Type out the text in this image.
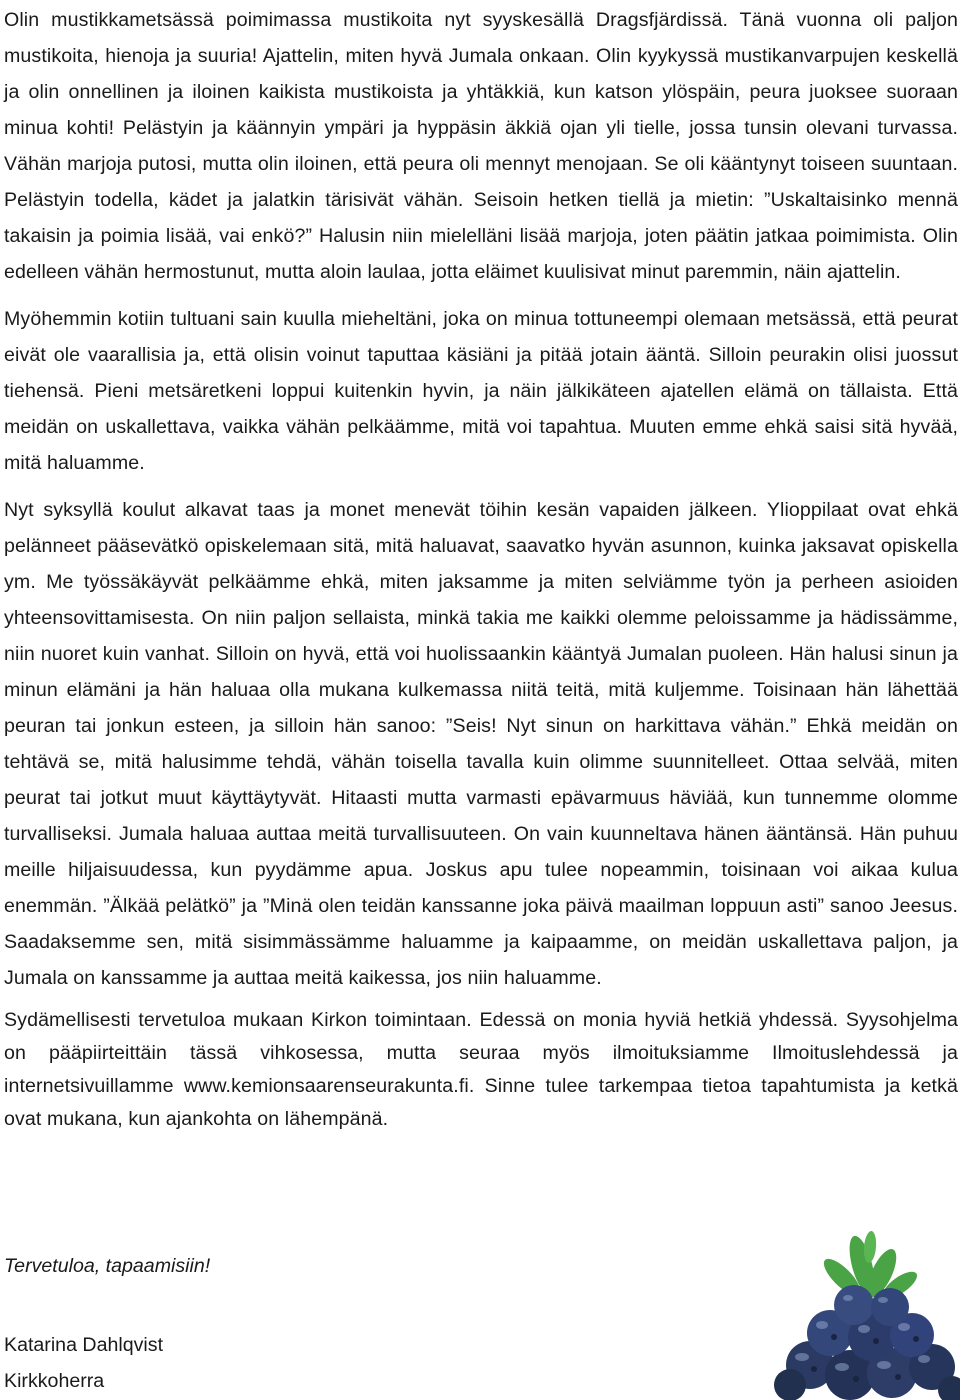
Olin mustikkametsässä poimimassa mustikoita nyt syyskesällä Dragsfjärdissä. Tänä vuonna oli paljon mustikoita, hienoja ja suuria! Ajattelin, miten hyvä Jumala onkaan. Olin kyykyssä mustikanvarpujen keskellä ja olin onnellinen ja iloinen kaikista mustikoista ja yhtäkkiä, kun katson ylöspäin, peura juoksee suoraan minua kohti! Pelästyin ja käännyin ympäri ja hyppäsin äkkiä ojan yli tielle, jossa tunsin olevani turvassa. Vähän marjoja putosi, mutta olin iloinen, että peura oli mennyt menojaan. Se oli kääntynyt toiseen suuntaan. Pelästyin todella, kädet ja jalatkin tärisivät vähän. Seisoin hetken tiellä ja mietin: ”Uskaltaisinko mennä takaisin ja poimia lisää, vai enkö?” Halusin niin mielelläni lisää marjoja, joten päätin jatkaa poimimista. Olin edelleen vähän hermostunut, mutta aloin laulaa, jotta eläimet kuulisivat minut paremmin, näin ajattelin.

Myöhemmin kotiin tultuani sain kuulla mieheltäni, joka on minua tottuneempi olemaan metsässä, että peurat eivät ole vaarallisia ja, että olisin voinut taputtaa käsiäni ja pitää jotain ääntä. Silloin peurakin olisi juossut tiehensä. Pieni metsäretkeni loppui kuitenkin hyvin, ja näin jälkikäteen ajatellen elämä on tällaista. Että meidän on uskallettava, vaikka vähän pelkäämme, mitä voi tapahtua. Muuten emme ehkä saisi sitä hyvää, mitä haluamme.

Nyt syksyllä koulut alkavat taas ja monet menevät töihin kesän vapaiden jälkeen. Ylioppilaat ovat ehkä pelänneet pääsevätkö opiskelemaan sitä, mitä haluavat, saavatko hyvän asunnon, kuinka jaksavat opiskella ym. Me työssäkäyvät pelkäämme ehkä, miten jaksamme ja miten selviämme työn ja perheen asioiden yhteensovittamisesta. On niin paljon sellaista, minkä takia me kaikki olemme peloissamme ja hädissämme, niin nuoret kuin vanhat. Silloin on hyvä, että voi huolissaankin kääntyä Jumalan puoleen. Hän halusi sinun ja minun elämäni ja hän haluaa olla mukana kulkemassa niitä teitä, mitä kuljemme. Toisinaan hän lähettää peuran tai jonkun esteen, ja silloin hän sanoo: ”Seis! Nyt sinun on harkittava vähän.” Ehkä meidän on tehtävä se, mitä halusimme tehdä, vähän toisella tavalla kuin olimme suunnitelleet. Ottaa selvää, miten peurat tai jotkut muut käyttäytyvät. Hitaasti mutta varmasti epävarmuus häviää, kun tunnemme olomme turvalliseksi. Jumala haluaa auttaa meitä turvallisuuteen. On vain kuunneltava hänen ääntänsä. Hän puhuu meille hiljaisuudessa, kun pyydämme apua. Joskus apu tulee nopeammin, toisinaan voi aikaa kulua enemmän. ”Älkää pelätkö” ja ”Minä olen teidän kanssanne joka päivä maailman loppuun asti” sanoo Jeesus. Saadaksemme sen, mitä sisimmässämme haluamme ja kaipaamme, on meidän uskallettava paljon, ja Jumala on kanssamme ja auttaa meitä kaikessa, jos niin haluamme.

Sydämellisesti tervetuloa mukaan Kirkon toimintaan. Edessä on monia hyviä hetkiä yhdessä. Syysohjelma on pääpiirteittäin tässä vihkosessa, mutta seuraa myös ilmoituksiamme Ilmoituslehdessä ja internetsivuillamme www.kemionsaarenseurakunta.fi. Sinne tulee tarkempaa tietoa tapahtumista ja ketkä ovat mukana, kun ajankohta on lähempänä.

Tervetuloa, tapaamisiin!

Katarina Dahlqvist
Kirkkoherra
